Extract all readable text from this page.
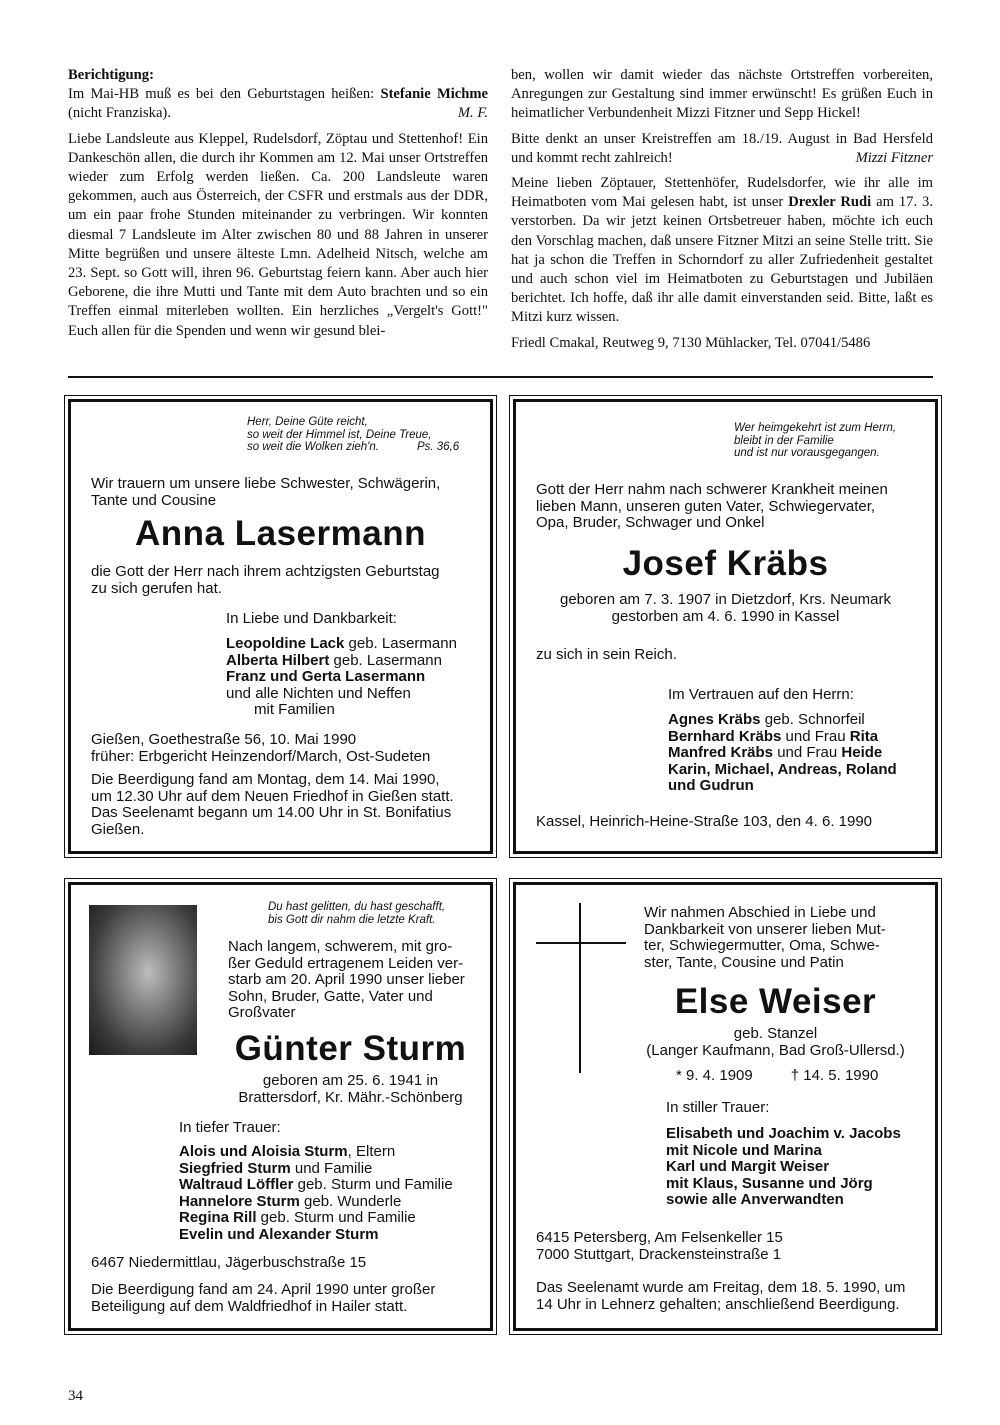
Berichtigung:

Im Mai-HB muß es bei den Geburtstagen heißen: Stefanie Michme (nicht Franziska).	M. F.

Liebe Landsleute aus Kleppel, Rudelsdorf, Zöptau und Stettenhof! Ein Dankeschön allen, die durch ihr Kommen am 12. Mai unser Ortstreffen wieder zum Erfolg werden ließen. Ca. 200 Landsleute waren gekommen, auch aus Österreich, der CSFR und erstmals aus der DDR, um ein paar frohe Stunden miteinander zu verbringen. Wir konnten diesmal 7 Landsleute im Alter zwischen 80 und 88 Jahren in unserer Mitte begrüßen und unsere älteste Lmn. Adelheid Nitsch, welche am 23. Sept. so Gott will, ihren 96. Geburtstag feiern kann. Aber auch hier Geborene, die ihre Mutti und Tante mit dem Auto brachten und so ein Treffen einmal miterleben wollten. Ein herzliches „Vergelt's Gott!" Euch allen für die Spenden und wenn wir gesund blei-

ben, wollen wir damit wieder das nächste Ortstreffen vorbereiten, Anregungen zur Gestaltung sind immer erwünscht! Es grüßen Euch in heimatlicher Verbundenheit Mizzi Fitzner und Sepp Hickel!

Bitte denkt an unser Kreistreffen am 18./19. August in Bad Hersfeld und kommt recht zahlreich!	Mizzi Fitzner

Meine lieben Zöptauer, Stettenhöfer, Rudelsdorfer, wie ihr alle im Heimatboten vom Mai gelesen habt, ist unser Drexler Rudi am 17. 3. verstorben. Da wir jetzt keinen Ortsbetreuer haben, möchte ich euch den Vorschlag machen, daß unsere Fitzner Mitzi an seine Stelle tritt. Sie hat ja schon die Treffen in Schorndorf zu aller Zufriedenheit gestaltet und auch schon viel im Heimatboten zu Geburtstagen und Jubiläen berichtet. Ich hoffe, daß ihr alle damit einverstanden seid. Bitte, laßt es Mitzi kurz wissen.

Friedl Cmakal, Reutweg 9, 7130 Mühlacker, Tel. 07041/5486

Herr, Deine Güte reicht,
so weit der Himmel ist, Deine Treue,
so weit die Wolken zieh'n.	Ps. 36,6
Wir trauern um unsere liebe Schwester, Schwägerin,
Tante und Cousine
Anna Lasermann
die Gott der Herr nach ihrem achtzigsten Geburtstag
zu sich gerufen hat.
In Liebe und Dankbarkeit:
Leopoldine Lack geb. Lasermann
Alberta Hilbert geb. Lasermann
Franz und Gerta Lasermann
und alle Nichten und Neffen
mit Familien
Gießen, Goethestraße 56, 10. Mai 1990
früher: Erbgericht Heinzendorf/March, Ost-Sudeten
Die Beerdigung fand am Montag, dem 14. Mai 1990,
um 12.30 Uhr auf dem Neuen Friedhof in Gießen statt.
Das Seelenamt begann um 14.00 Uhr in St. Bonifatius
Gießen.
Wer heimgekehrt ist zum Herrn,
bleibt in der Familie
und ist nur vorausgegangen.
Gott der Herr nahm nach schwerer Krankheit meinen
lieben Mann, unseren guten Vater, Schwiegervater,
Opa, Bruder, Schwager und Onkel
Josef Kräbs
geboren am 7. 3. 1907 in Dietzdorf, Krs. Neumark
gestorben am 4. 6. 1990 in Kassel
zu sich in sein Reich.
Im Vertrauen auf den Herrn:
Agnes Kräbs geb. Schnorfeil
Bernhard Kräbs und Frau Rita
Manfred Kräbs und Frau Heide
Karin, Michael, Andreas, Roland
und Gudrun
Kassel, Heinrich-Heine-Straße 103, den 4. 6. 1990
Du hast gelitten, du hast geschafft,
bis Gott dir nahm die letzte Kraft.
Nach langem, schwerem, mit gro-
ßer Geduld ertragenem Leiden ver-
starb am 20. April 1990 unser lieber
Sohn, Bruder, Gatte, Vater und
Großvater
Günter Sturm
geboren am 25. 6. 1941 in
Brattersdorf, Kr. Mähr.-Schönberg
In tiefer Trauer:
Alois und Aloisia Sturm, Eltern
Siegfried Sturm und Familie
Waltraud Löffler geb. Sturm und Familie
Hannelore Sturm geb. Wunderle
Regina Rill geb. Sturm und Familie
Evelin und Alexander Sturm
6467 Niedermittlau, Jägerbuschstraße 15
Die Beerdigung fand am 24. April 1990 unter großer
Beteiligung auf dem Waldfriedhof in Hailer statt.
Wir nahmen Abschied in Liebe und
Dankbarkeit von unserer lieben Mut-
ter, Schwiegermutter, Oma, Schwe-
ster, Tante, Cousine und Patin
Else Weiser
geb. Stanzel
(Langer Kaufmann, Bad Groß-Ullersd.)
* 9. 4. 1909	† 14. 5. 1990
In stiller Trauer:
Elisabeth und Joachim v. Jacobs
mit Nicole und Marina
Karl und Margit Weiser
mit Klaus, Susanne und Jörg
sowie alle Anverwandten
6415 Petersberg, Am Felsenkeller 15
7000 Stuttgart, Drackensteinstraße 1
Das Seelenamt wurde am Freitag, dem 18. 5. 1990, um
14 Uhr in Lehnerz gehalten; anschließend Beerdigung.
34
